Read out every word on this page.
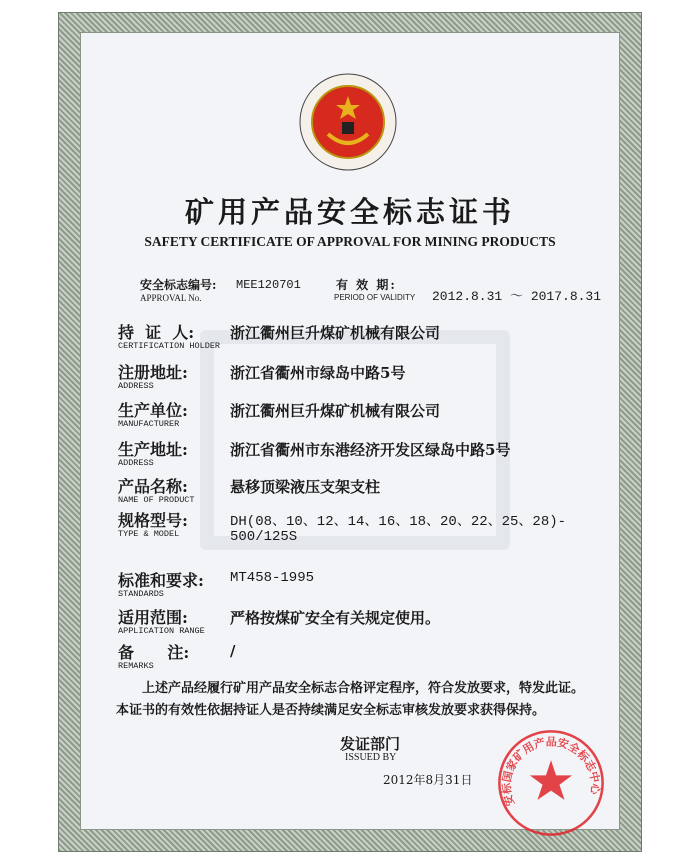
矿用产品安全标志证书
SAFETY CERTIFICATE OF APPROVAL FOR MINING PRODUCTS
安全标志编号:
APPROVAL No.
MEE120701	有 效 期:
PERIOD OF VALIDITY 2012.8.31 ～ 2017.8.31
持  证  人:
CERTIFICATION HOLDER
浙江衢州巨升煤矿机械有限公司
注册地址:
ADDRESS
浙江省衢州市绿岛中路5号
生产单位:
MANUFACTURER
浙江衢州巨升煤矿机械有限公司
生产地址:
ADDRESS
浙江省衢州市东港经济开发区绿岛中路5号
产品名称:
NAME OF PRODUCT
悬移顶梁液压支架支柱
规格型号:
TYPE & MODEL
DH(08、10、12、14、16、18、20、22、25、28)-
500/125S
标准和要求:
STANDARDS
MT458-1995
适用范围:
APPLICATION RANGE
严格按煤矿安全有关规定使用。
备      注:
REMARKS
/
上述产品经履行矿用产品安全标志合格评定程序，符合发放要求，特发此证。本证书的有效性依据持证人是否持续满足安全标志审核发放要求获得保持。
发证部门
ISSUED BY
2012年8月31日
安标国家矿用产品安全标志中心
